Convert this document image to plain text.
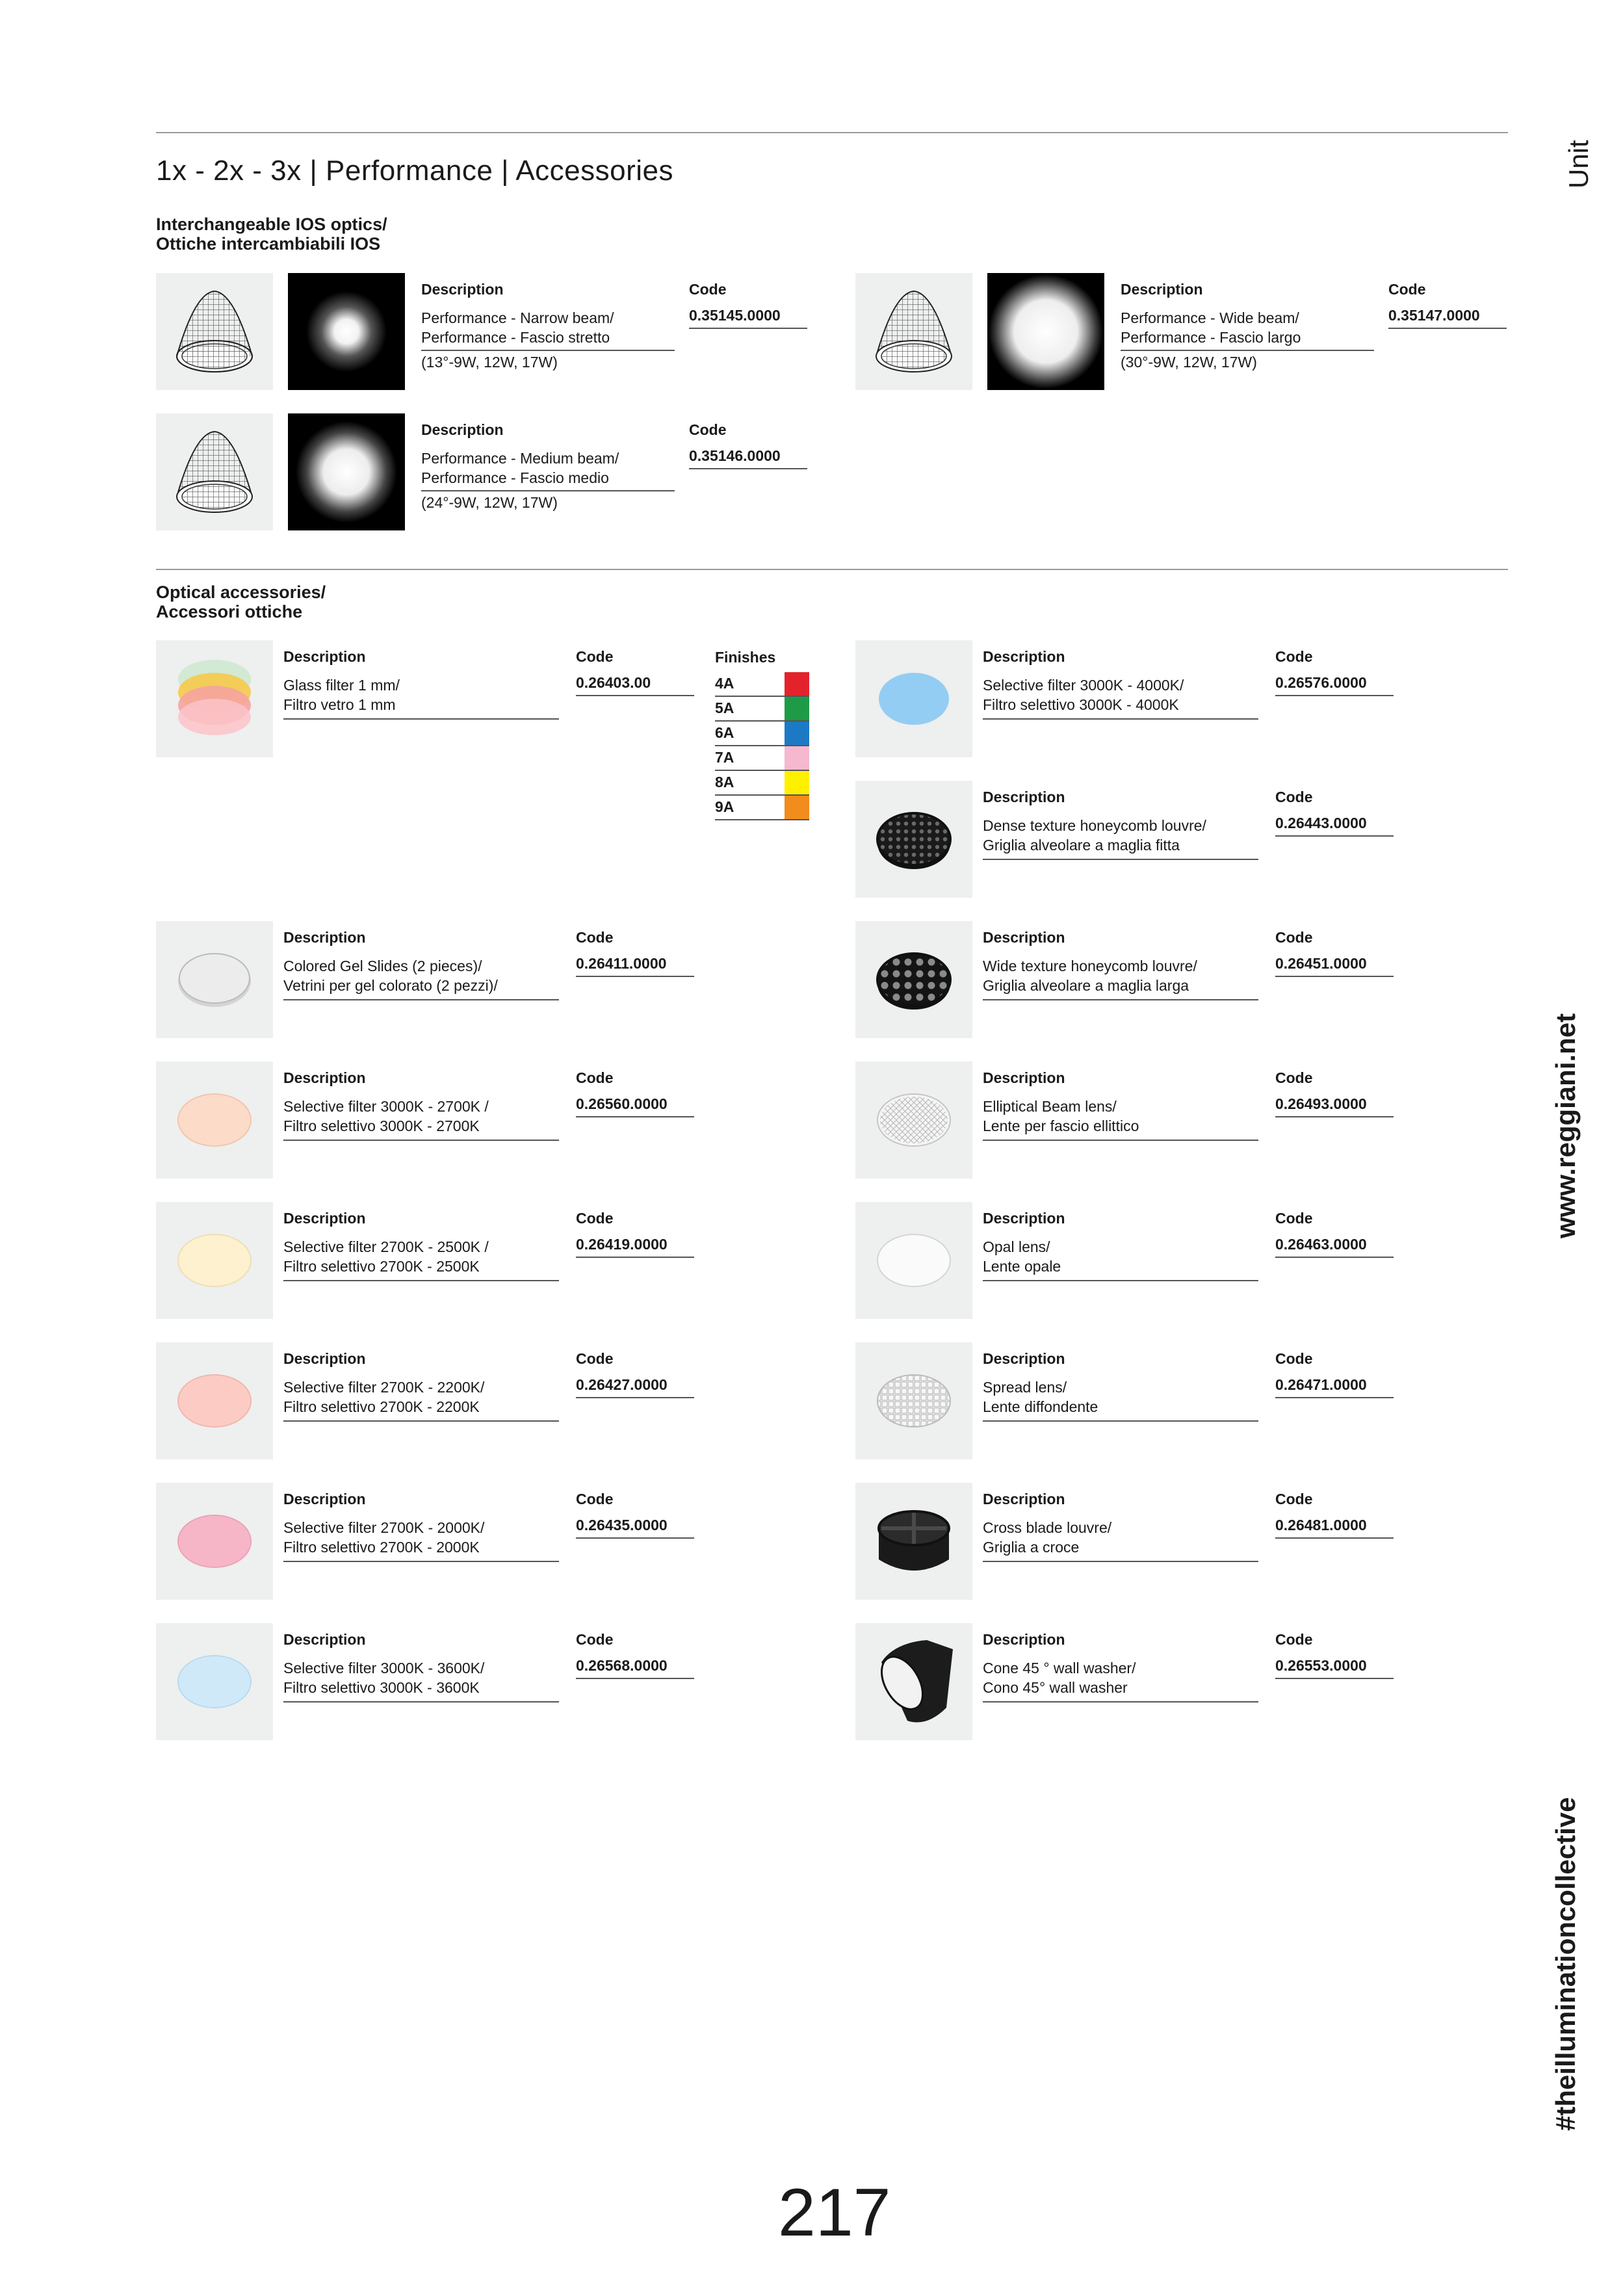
1x - 2x - 3x | Performance | Accessories
Interchangeable IOS optics/
Ottiche intercambiabili IOS
Description
Performance - Narrow beam/
Performance - Fascio stretto
(13°-9W, 12W, 17W)
Code
0.35145.0000
Description
Performance - Wide beam/
Performance - Fascio largo
(30°-9W, 12W, 17W)
Code
0.35147.0000
Description
Performance - Medium beam/
Performance - Fascio medio
(24°-9W, 12W, 17W)
Code
0.35146.0000
Optical accessories/
Accessori ottiche
Finishes
4A
5A
6A
7A
8A
9A
Description
Glass filter 1 mm/
Filtro vetro 1 mm
Code
0.26403.00
Description
Selective filter 3000K - 4000K/
Filtro selettivo 3000K - 4000K
Code
0.26576.0000
Description
Dense texture honeycomb louvre/
Griglia alveolare a maglia fitta
Code
0.26443.0000
Description
Colored Gel Slides (2 pieces)/
Vetrini per gel colorato (2 pezzi)/
Code
0.26411.0000
Description
Wide texture honeycomb louvre/
Griglia alveolare a maglia larga
Code
0.26451.0000
Description
Selective filter 3000K - 2700K /
Filtro selettivo 3000K - 2700K
Code
0.26560.0000
Description
Elliptical Beam lens/
Lente per fascio ellittico
Code
0.26493.0000
Description
Selective filter 2700K - 2500K /
Filtro selettivo 2700K - 2500K
Code
0.26419.0000
Description
Opal lens/
Lente opale
Code
0.26463.0000
Description
Selective filter 2700K - 2200K/
Filtro selettivo 2700K - 2200K
Code
0.26427.0000
Description
Spread lens/
Lente diffondente
Code
0.26471.0000
Description
Selective filter 2700K - 2000K/
Filtro selettivo 2700K - 2000K
Code
0.26435.0000
Description
Cross blade louvre/
Griglia a croce
Code
0.26481.0000
Description
Selective filter 3000K - 3600K/
Filtro selettivo 3000K - 3600K
Code
0.26568.0000
Description
Cone 45 ° wall washer/
Cono 45° wall washer
Code
0.26553.0000
Unit
www.reggiani.net
#theilluminationcollective
217
